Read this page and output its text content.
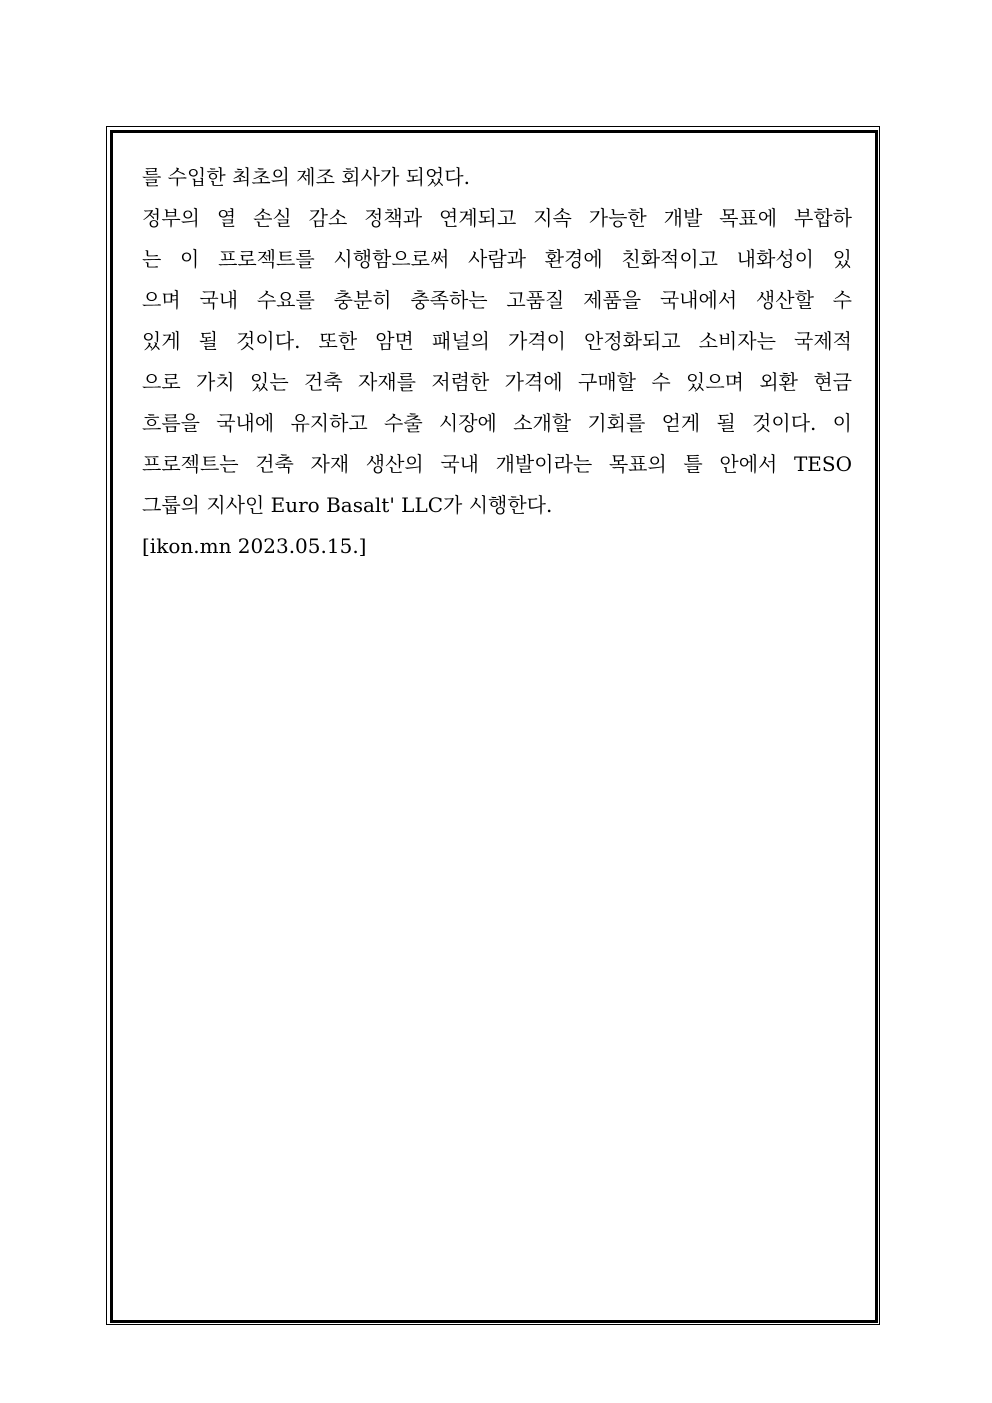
를 수입한 최초의 제조 회사가 되었다.
정부의 열 손실 감소 정책과 연계되고 지속 가능한 개발 목표에 부합하
는 이 프로젝트를 시행함으로써 사람과 환경에 친화적이고 내화성이 있
으며 국내 수요를 충분히 충족하는 고품질 제품을 국내에서 생산할 수
있게 될 것이다. 또한 암면 패널의 가격이 안정화되고 소비자는 국제적
으로 가치 있는 건축 자재를 저렴한 가격에 구매할 수 있으며 외환 현금
흐름을 국내에 유지하고 수출 시장에 소개할 기회를 얻게 될 것이다. 이
프로젝트는 건축 자재 생산의 국내 개발이라는 목표의 틀 안에서 TESO
그룹의 지사인 Euro Basalt' LLC가 시행한다.
[ikon.mn 2023.05.15.]
